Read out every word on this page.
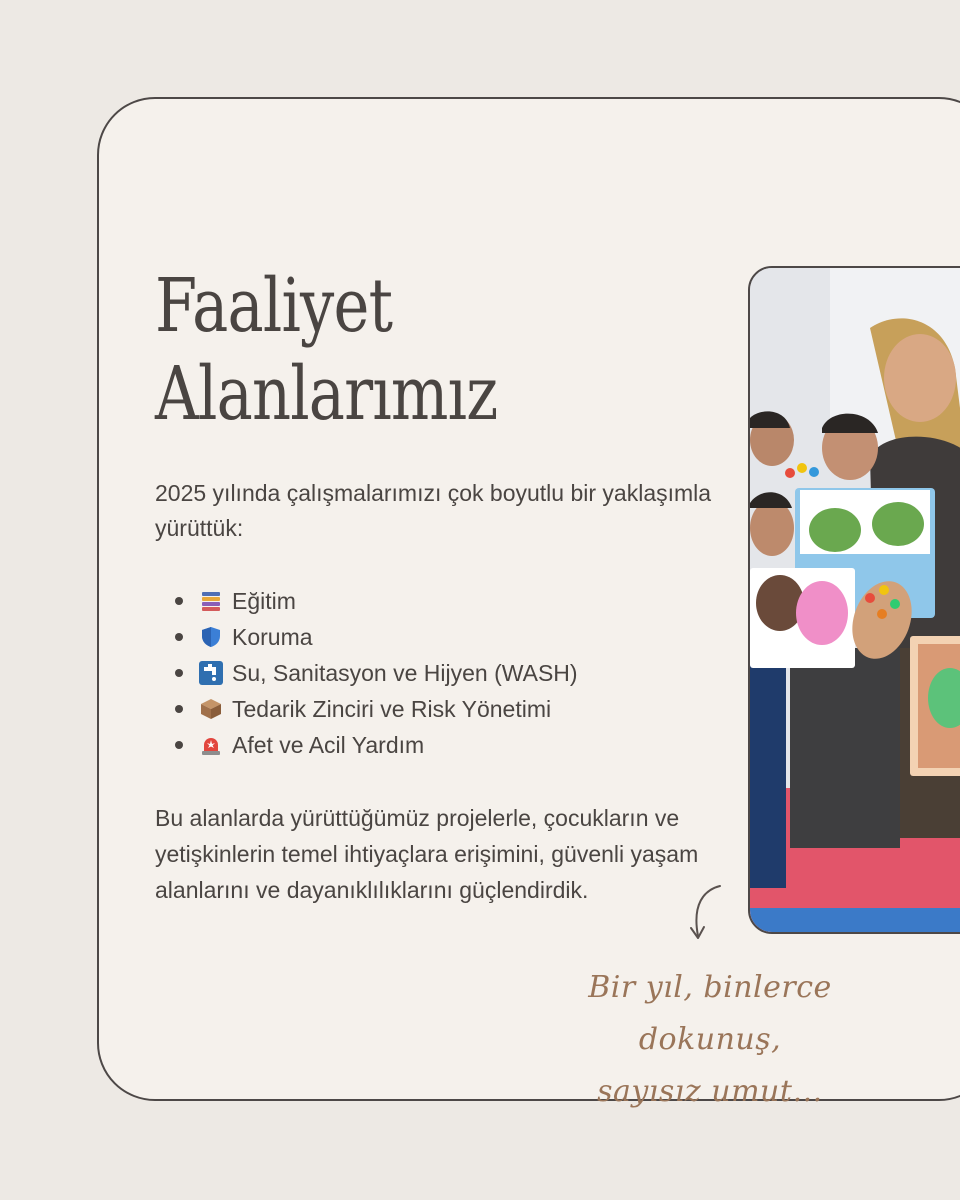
Faaliyet
Alanlarımız

2025 yılında çalışmalarımızı çok boyutlu bir yaklaşımla yürüttük:

Eğitim
Koruma
Su, Sanitasyon ve Hijyen (WASH)
Tedarik Zinciri ve Risk Yönetimi
Afet ve Acil Yardım

Bu alanlarda yürüttüğümüz projelerle, çocukların ve yetişkinlerin temel ihtiyaçlara erişimini, güvenli yaşam alanlarını ve dayanıklılıklarını güçlendirdik.

Bir yıl, binlerce dokunuş,
sayısız umut…
